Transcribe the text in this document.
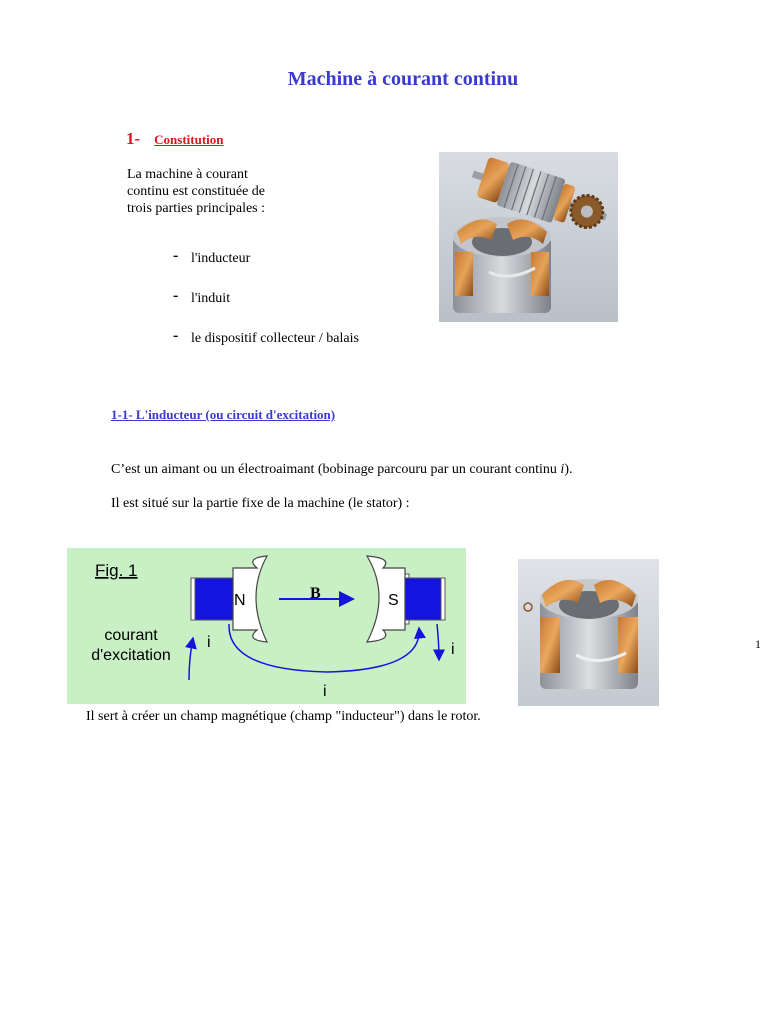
Machine à courant continu
1- Constitution
La machine à courant
continu est constituée de
trois parties principales :
- l'inducteur
- l'induit
- le dispositif collecteur / balais
1-1- L'inducteur (ou circuit d'excitation)
C’est un aimant ou un électroaimant (bobinage parcouru par un courant continu i).
Il est situé sur la partie fixe de la machine (le stator) :
Fig. 1
N	S
B
courant
d'excitation
i
i
i	1
Il sert à créer un champ magnétique (champ "inducteur") dans le rotor.
